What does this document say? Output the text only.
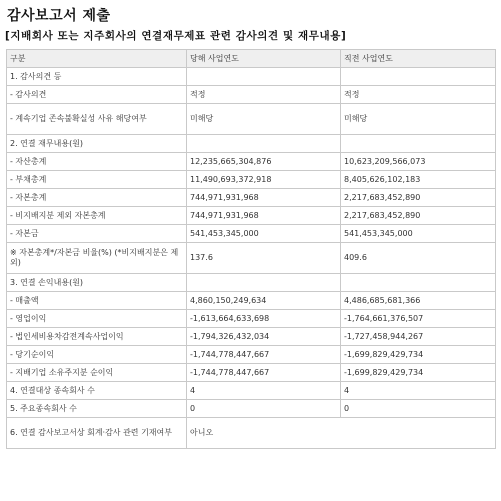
감사보고서 제출
[지배회사 또는 지주회사의 연결재무제표 관련 감사의견 및 재무내용]
구분	당해 사업연도	직전 사업연도
1. 감사의견 등		
- 감사의견	적정	적정
- 계속기업 존속불확실성 사유 해당여부	미해당	미해당
2. 연결 재무내용(원)		
- 자산총계	12,235,665,304,876	10,623,209,566,073
- 부채총계	11,490,693,372,918	8,405,626,102,183
- 자본총계	744,971,931,968	2,217,683,452,890
- 비지배지분 제외 자본총계	744,971,931,968	2,217,683,452,890
- 자본금	541,453,345,000	541,453,345,000
※ 자본총계*/자본금 비율(%) (*비지배지분은 제외)	137.6	409.6
3. 연결 손익내용(원)		
- 매출액	4,860,150,249,634	4,486,685,681,366
- 영업이익	-1,613,664,633,698	-1,764,661,376,507
- 법인세비용차감전계속사업이익	-1,794,326,432,034	-1,727,458,944,267
- 당기순이익	-1,744,778,447,667	-1,699,829,429,734
- 지배기업 소유주지분 순이익	-1,744,778,447,667	-1,699,829,429,734
4. 연결대상 종속회사 수	4	4
5. 주요종속회사 수	0	0
6. 연결 감사보고서상 회계·감사 관련 기재여부	아니오	
